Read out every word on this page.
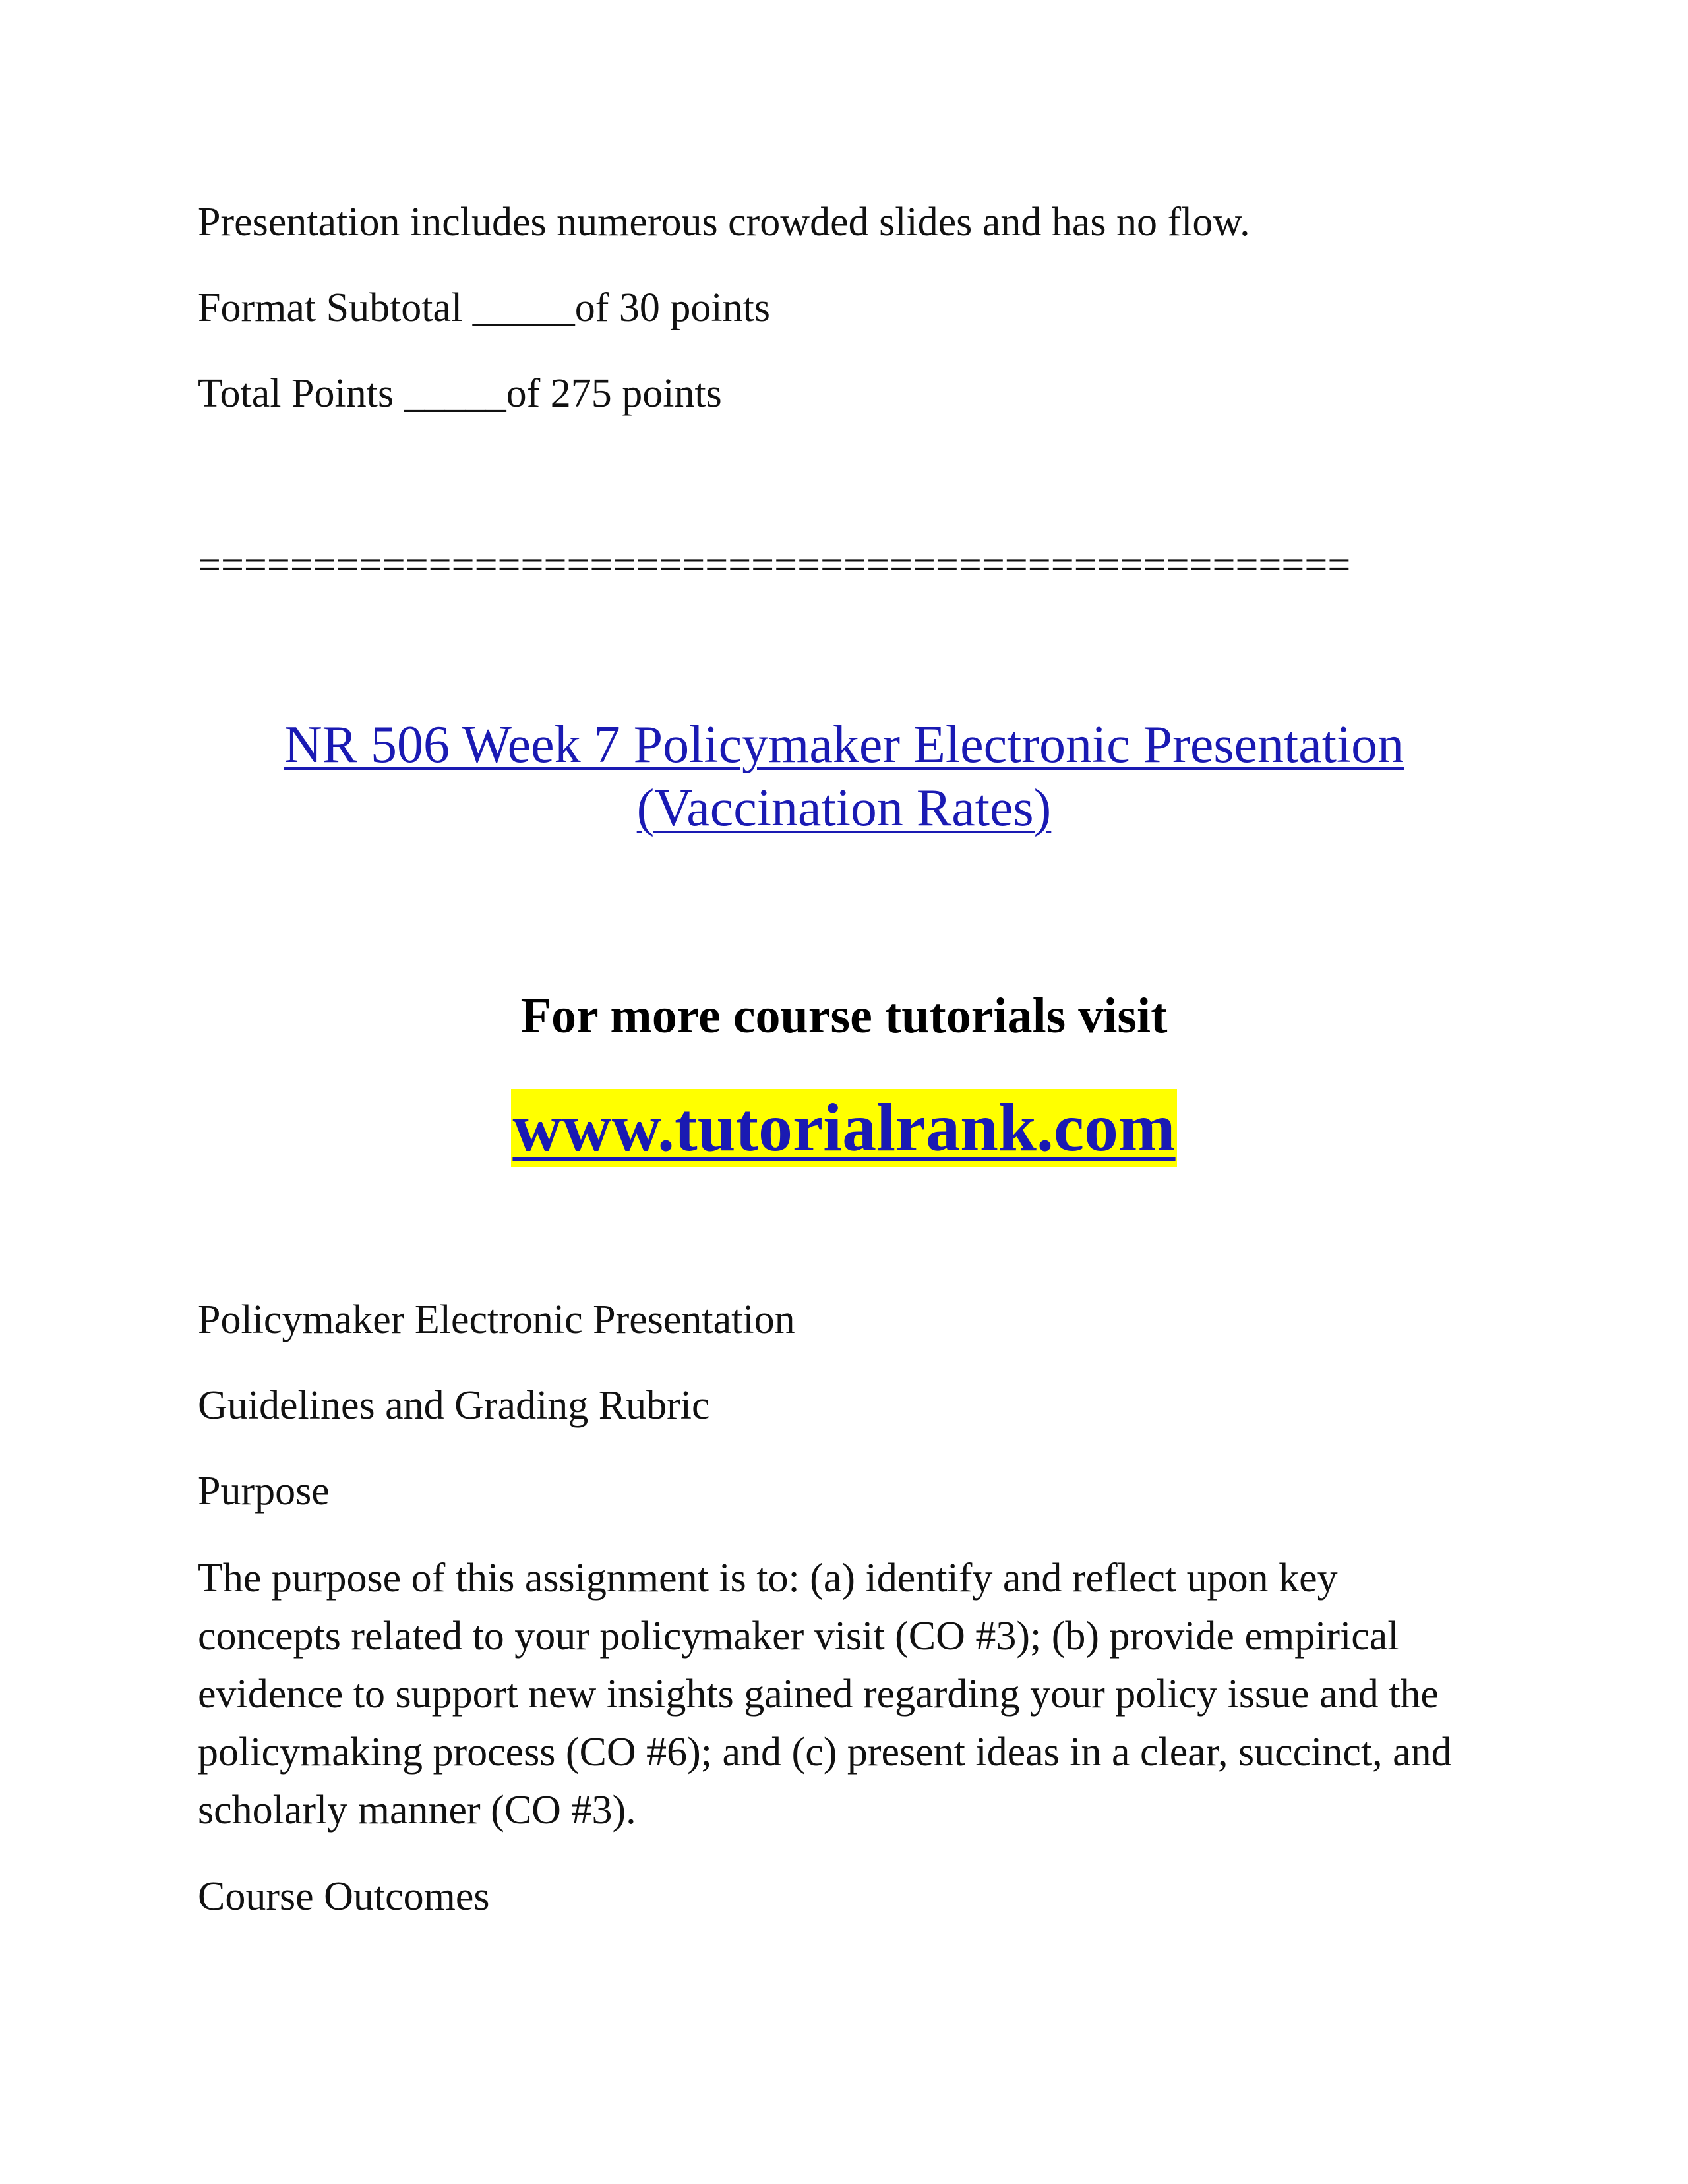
Presentation includes numerous crowded slides and has no flow.

Format Subtotal _____of 30 points

Total Points _____of 275 points

==================================================
NR 506 Week 7 Policymaker Electronic Presentation
(Vaccination Rates)
For more course tutorials visit
www.tutorialrank.com

Policymaker Electronic Presentation

Guidelines and Grading Rubric

Purpose

The purpose of this assignment is to: (a) identify and reflect upon key concepts related to your policymaker visit (CO #3); (b) provide empirical evidence to support new insights gained regarding your policy issue and the policymaking process (CO #6); and (c) present ideas in a clear, succinct, and scholarly manner (CO #3).

Course Outcomes
